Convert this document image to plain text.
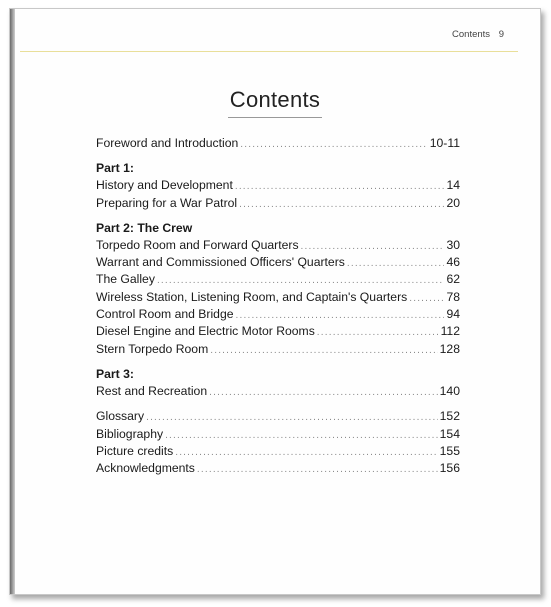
Contents 9
Contents
Foreword and Introduction .....	10-11
Part 1:
History and Development .....	14
Preparing for a War Patrol .....	20
Part 2: The Crew
Torpedo Room and Forward Quarters .....	30
Warrant and Commissioned Officers' Quarters .....	46
The Galley .....	62
Wireless Station, Listening Room, and Captain's Quarters .....	78
Control Room and Bridge .....	94
Diesel Engine and Electric Motor Rooms .....	112
Stern Torpedo Room .....	128
Part 3:
Rest and Recreation .....	140
Glossary .....	152
Bibliography .....	154
Picture credits .....	155
Acknowledgments .....	156
